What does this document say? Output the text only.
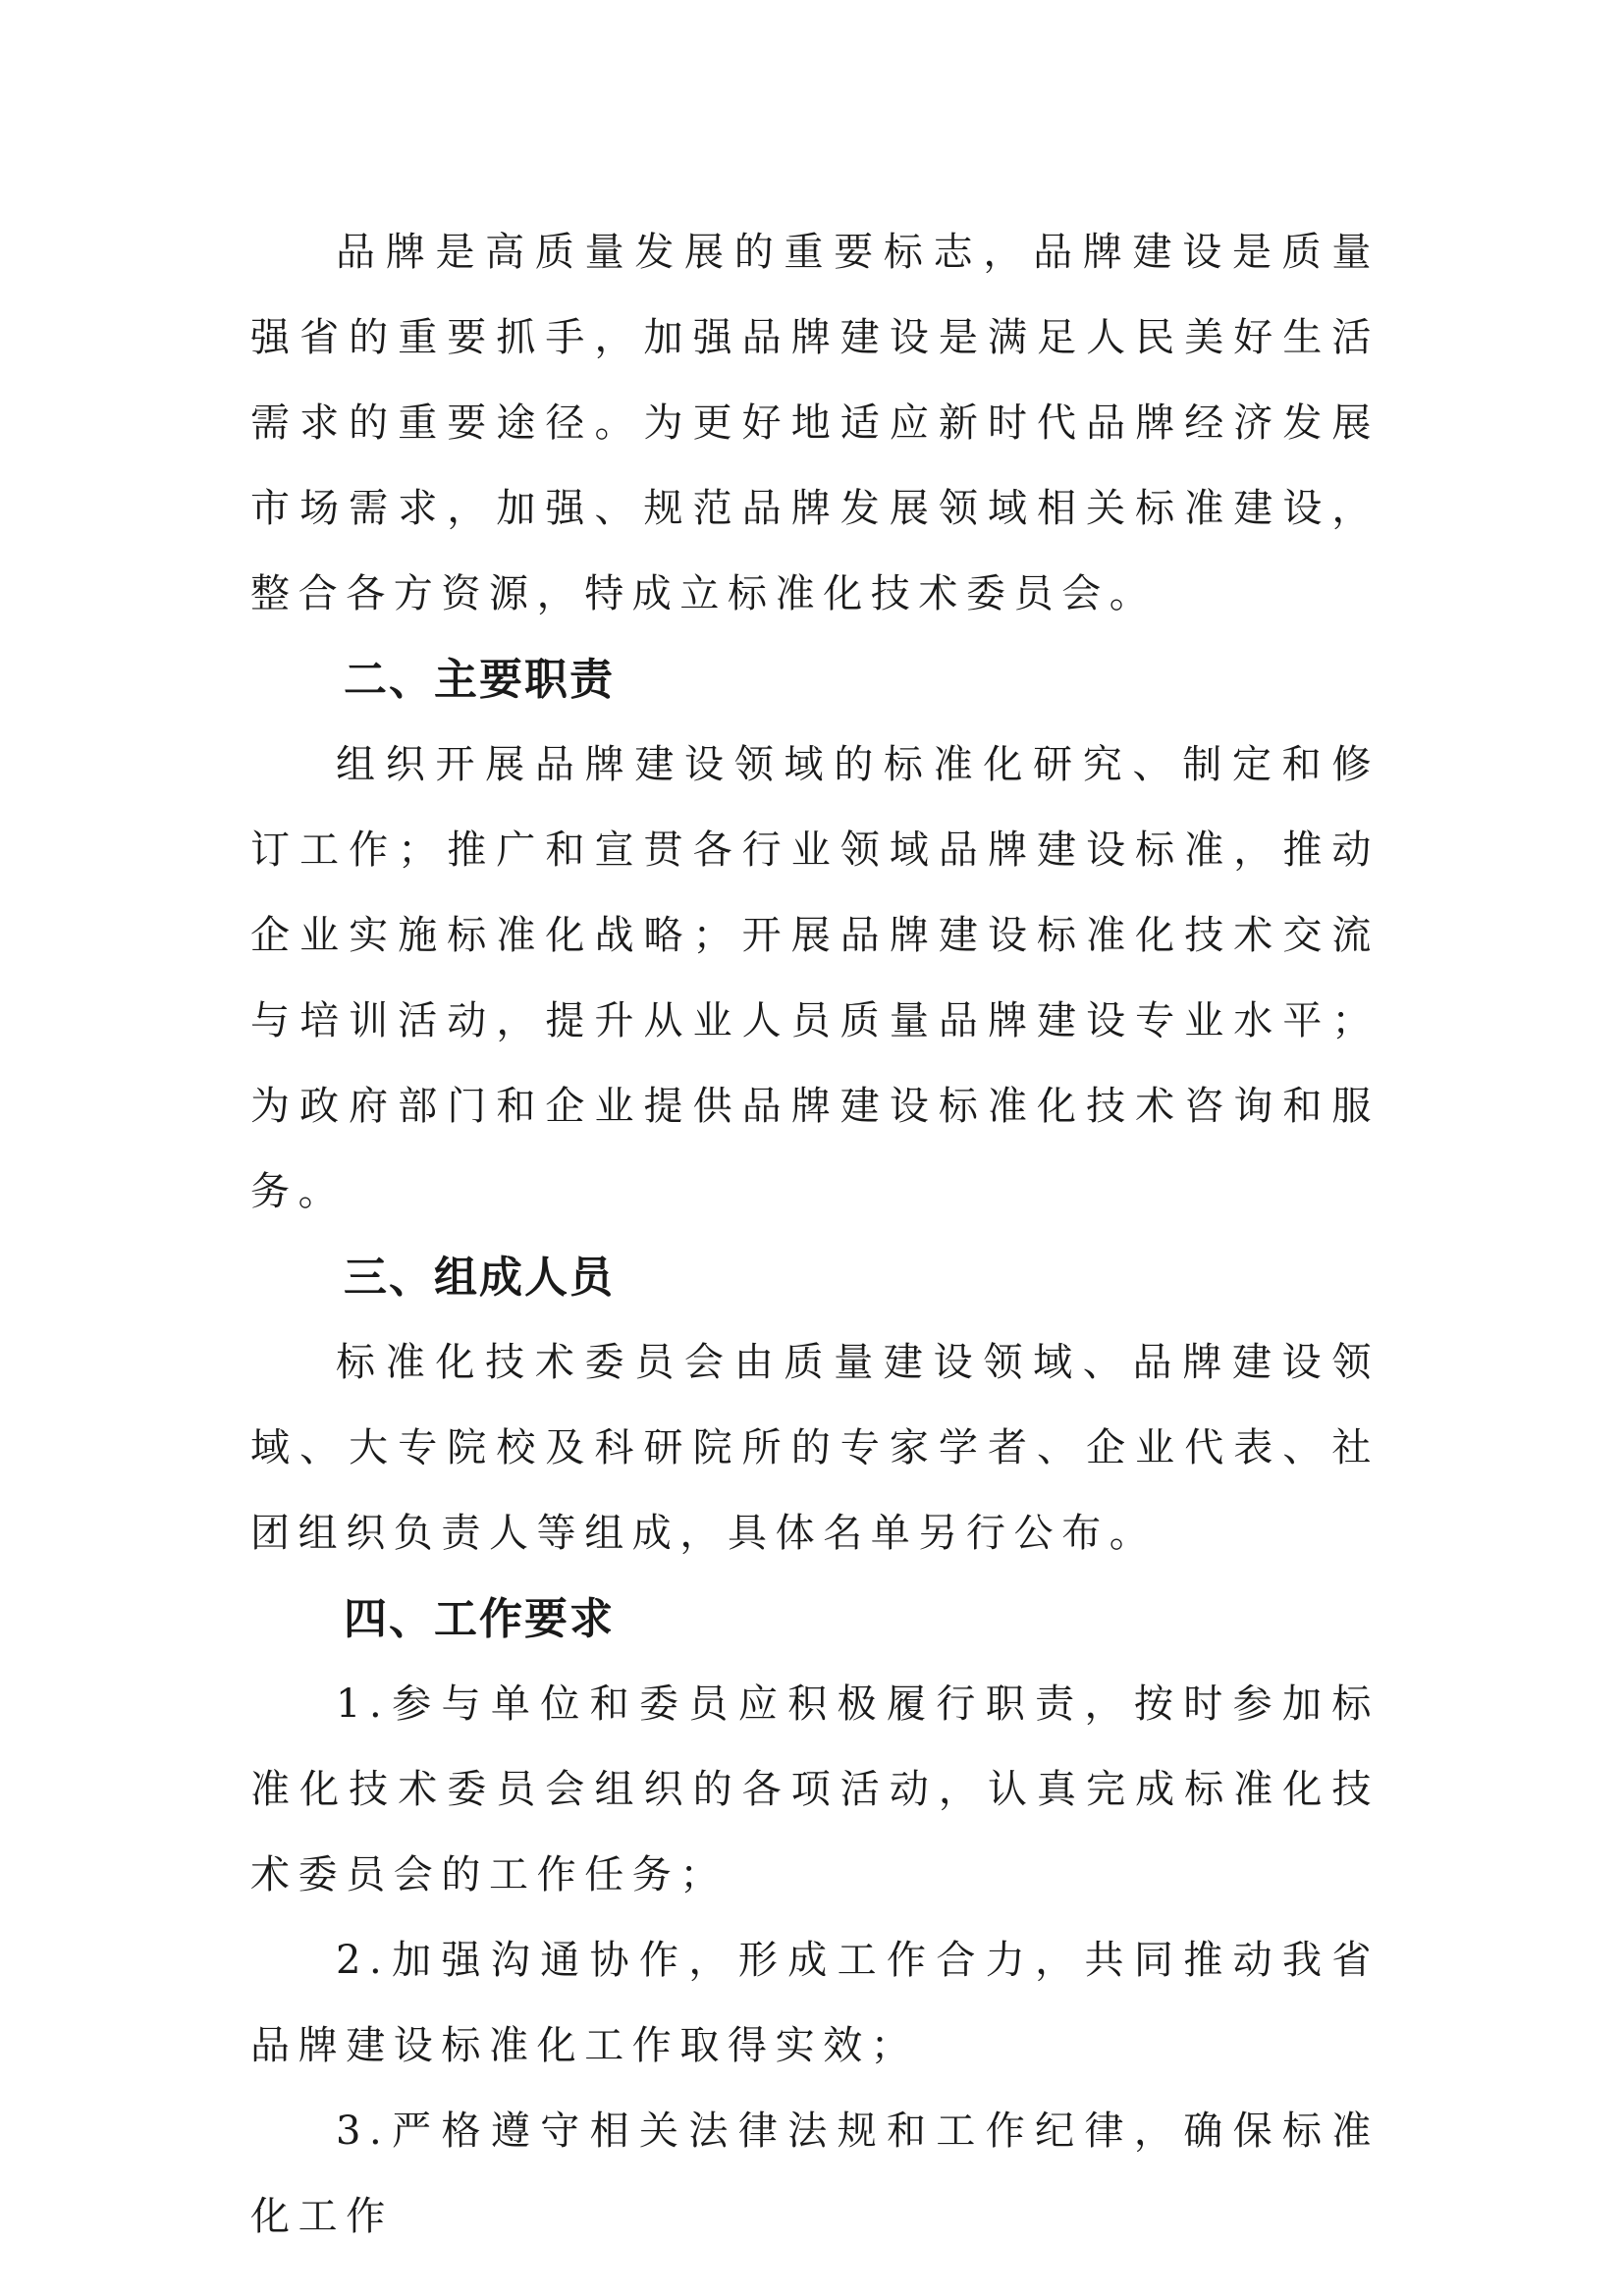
品牌是高质量发展的重要标志，品牌建设是质量强省的重要抓手，加强品牌建设是满足人民美好生活需求的重要途径。为更好地适应新时代品牌经济发展市场需求，加强、规范品牌发展领域相关标准建设，整合各方资源，特成立标准化技术委员会。

二、主要职责

组织开展品牌建设领域的标准化研究、制定和修订工作；推广和宣贯各行业领域品牌建设标准，推动企业实施标准化战略；开展品牌建设标准化技术交流与培训活动，提升从业人员质量品牌建设专业水平；为政府部门和企业提供品牌建设标准化技术咨询和服务。

三、组成人员

标准化技术委员会由质量建设领域、品牌建设领域、大专院校及科研院所的专家学者、企业代表、社团组织负责人等组成，具体名单另行公布。

四、工作要求

1.参与单位和委员应积极履行职责，按时参加标准化技术委员会组织的各项活动，认真完成标准化技术委员会的工作任务；

2.加强沟通协作，形成工作合力，共同推动我省品牌建设标准化工作取得实效；

3.严格遵守相关法律法规和工作纪律，确保标准化工作
